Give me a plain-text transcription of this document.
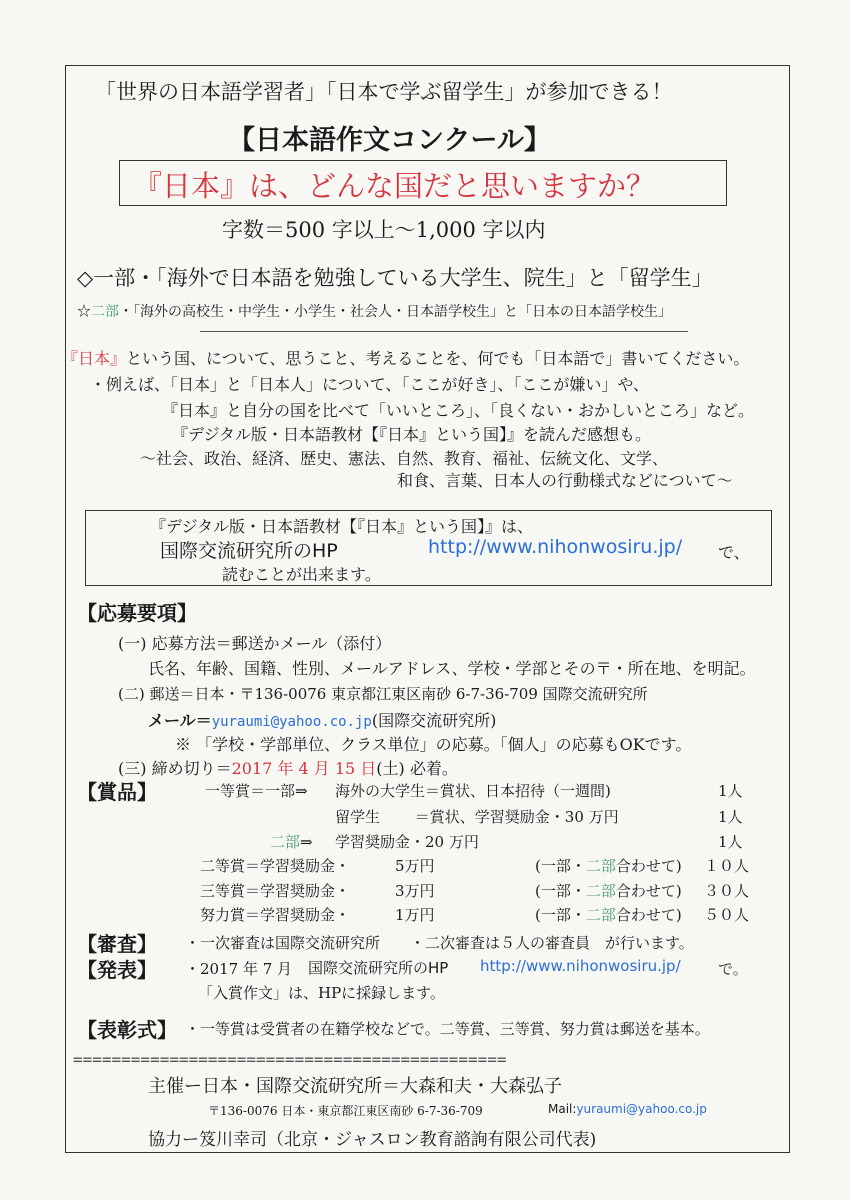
「世界の日本語学習者」「日本で学ぶ留学生」が参加できる！
【日本語作文コンクール】
『日本』は、どんな国だと思いますか？
字数＝500 字以上〜1,000 字以内
◇一部・「海外で日本語を勉強している大学生、院生」と「留学生」
☆二部・「海外の高校生・中学生・小学生・社会人・日本語学校生」と「日本の日本語学校生」
『日本』という国、について、思うこと、考えることを、何でも「日本語で」書いてください。
・例えば、「日本」と「日本人」について、「ここが好き」、「ここが嫌い」や、
『日本』と自分の国を比べて「いいところ」、「良くない・おかしいところ」など。
『デジタル版・日本語教材【『日本』という国】』を読んだ感想も。
〜社会、政治、経済、歴史、憲法、自然、教育、福祉、伝統文化、文学、
和食、言葉、日本人の行動様式などについて〜
『デジタル版・日本語教材【『日本』という国】』は、
国際交流研究所のHP	http://www.nihonwosiru.jp/ で、
読むことが出来ます。
【応募要項】
(一) 応募方法＝郵送かメール（添付）
氏名、年齢、国籍、性別、メールアドレス、学校・学部とその〒・所在地、を明記。
(二) 郵送＝日本・〒136-0076 東京都江東区南砂 6-7-36-709 国際交流研究所
メール＝yuraumi@yahoo.co.jp(国際交流研究所)
※ 「学校・学部単位、クラス単位」の応募。「個人」の応募もOKです。
(三) 締め切り＝2017 年 4 月 15 日(土) 必着。
【賞品】	一等賞＝一部⇒ 海外の大学生＝賞状、日本招待（一週間)	1人
留学生　　 ＝賞状、学習奨励金・30 万円	1人
二部⇒ 学習奨励金・20 万円	1人
二等賞＝学習奨励金・	5万円	(一部・二部合わせて) １０人
三等賞＝学習奨励金・	3万円	(一部・二部合わせて) ３０人
努力賞＝学習奨励金・	1万円	(一部・二部合わせて) ５０人
【審査】 ・一次審査は国際交流研究所　　・二次審査は５人の審査員　が行います。
【発表】 ・2017 年 7 月 国際交流研究所のHP http://www.nihonwosiru.jp/ で。
「入賞作文」は、HPに採録します。
【表彰式】 ・一等賞は受賞者の在籍学校などで。二等賞、三等賞、努力賞は郵送を基本。
=============================================
主催ー日本・国際交流研究所＝大森和夫・大森弘子
〒136-0076 日本・東京都江東区南砂 6-7-36-709	Mail:yuraumi@yahoo.co.jp
協力ー笈川幸司（北京・ジャスロン教育諮詢有限公司代表)
